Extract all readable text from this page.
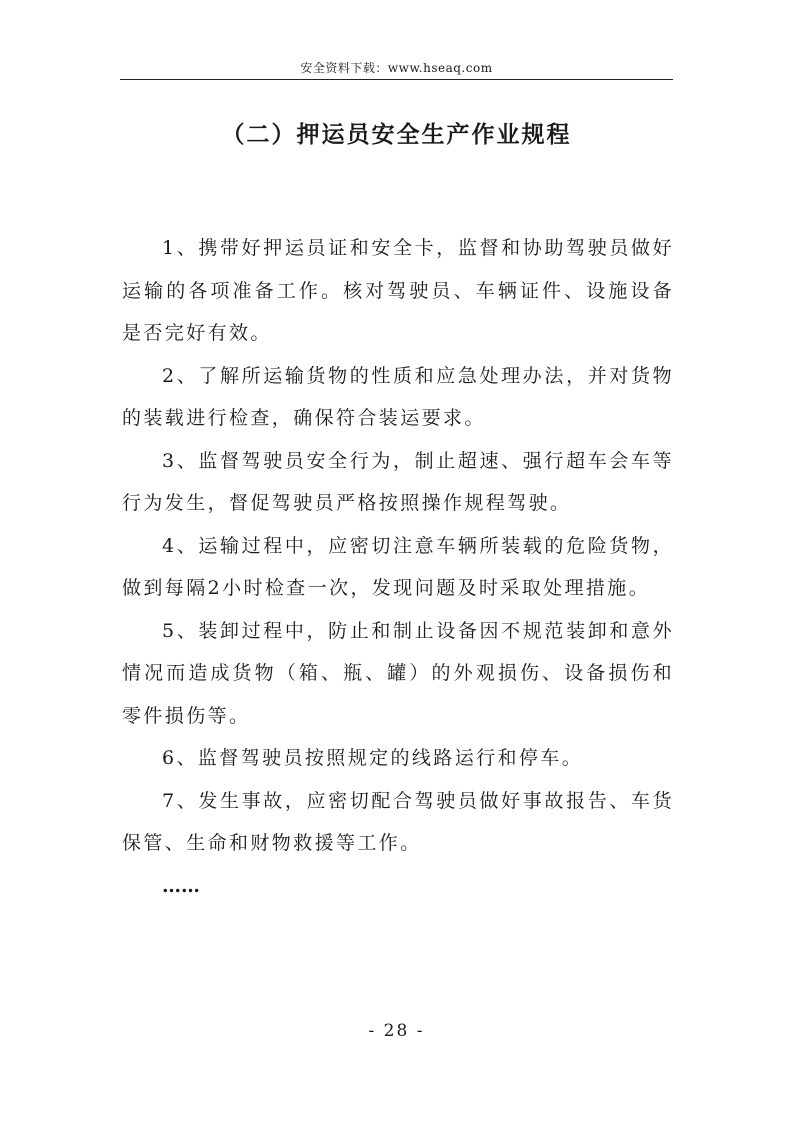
安全资料下载：www.hseaq.com
（二）押运员安全生产作业规程

1、携带好押运员证和安全卡，监督和协助驾驶员做好运输的各项准备工作。核对驾驶员、车辆证件、设施设备是否完好有效。

2、了解所运输货物的性质和应急处理办法，并对货物的装载进行检查，确保符合装运要求。

3、监督驾驶员安全行为，制止超速、强行超车会车等行为发生，督促驾驶员严格按照操作规程驾驶。

4、运输过程中，应密切注意车辆所装载的危险货物，做到每隔2小时检查一次，发现问题及时采取处理措施。

5、装卸过程中，防止和制止设备因不规范装卸和意外情况而造成货物（箱、瓶、罐）的外观损伤、设备损伤和零件损伤等。

6、监督驾驶员按照规定的线路运行和停车。

7、发生事故，应密切配合驾驶员做好事故报告、车货保管、生命和财物救援等工作。

……

- 28 -
